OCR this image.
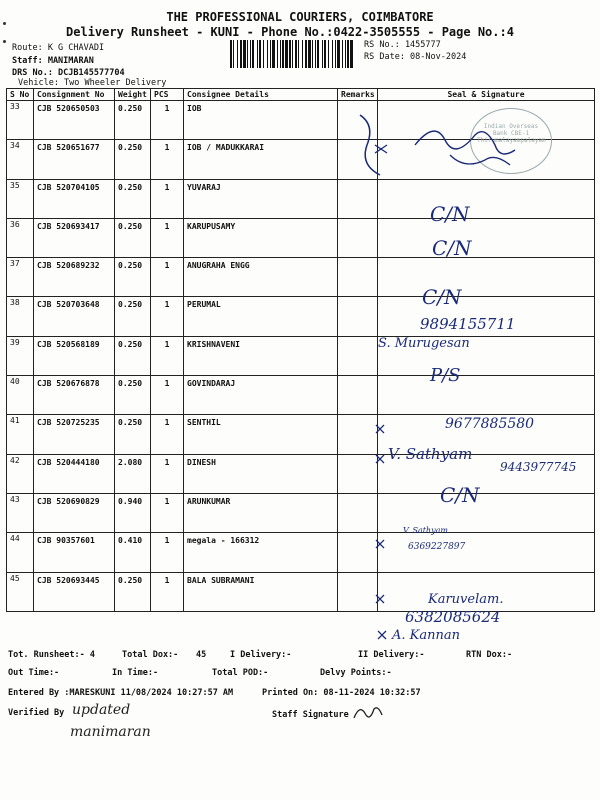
THE PROFESSIONAL COURIERS, COIMBATORE
Delivery Runsheet - KUNI - Phone No.:0422-3505555 - Page No.:4
Route: K G CHAVADI
Staff: MANIMARAN
DRS No.: DCJB145577704
Vehicle: Two Wheeler Delivery
RS No.: 1455777
RS Date: 08-Nov-2024
S No	Consignment No	Weight	PCS	Consignee Details	Remarks	Seal & Signature
33	CJB 520650503	0.250	1	IOB		

34	CJB 520651677	0.250	1	IOB / MADUKKARAI		

35	CJB 520704105	0.250	1	YUVARAJ		

36	CJB 520693417	0.250	1	KARUPUSAMY		

37	CJB 520689232	0.250	1	ANUGRAHA ENGG		

38	CJB 520703648	0.250	1	PERUMAL		

39	CJB 520568189	0.250	1	KRISHNAVENI		

40	CJB 520676878	0.250	1	GOVINDARAJ		

41	CJB 520725235	0.250	1	SENTHIL		

42	CJB 520444180	2.080	1	DINESH		

43	CJB 520690829	0.940	1	ARUNKUMAR		

44	CJB 90357601	0.410	1	megala - 166312		

45	CJB 520693445	0.250	1	BALA SUBRAMANI		

Indian Overseas Bank CBE-1 Thirumalayampalayam
C/N
C/N
C/N
9894155711
S. Murugesan
P/S
9677885580
V. Sathyam
9443977745
C/N
V. Sathyam
6369227897
Karuvelam.
6382085624
A. Kannan
Tot. Runsheet:- 4	Total Dox:- 45	I Delivery:-	II Delivery:-	RTN Dox:-
Out Time:-	In Time:-	Total POD:-	Delvy Points:-
Entered By :MARESKUNI 11/08/2024 10:27:57 AM	Printed On: 08-11-2024 10:32:57
Verified By updated
manimaran
Staff Signature
